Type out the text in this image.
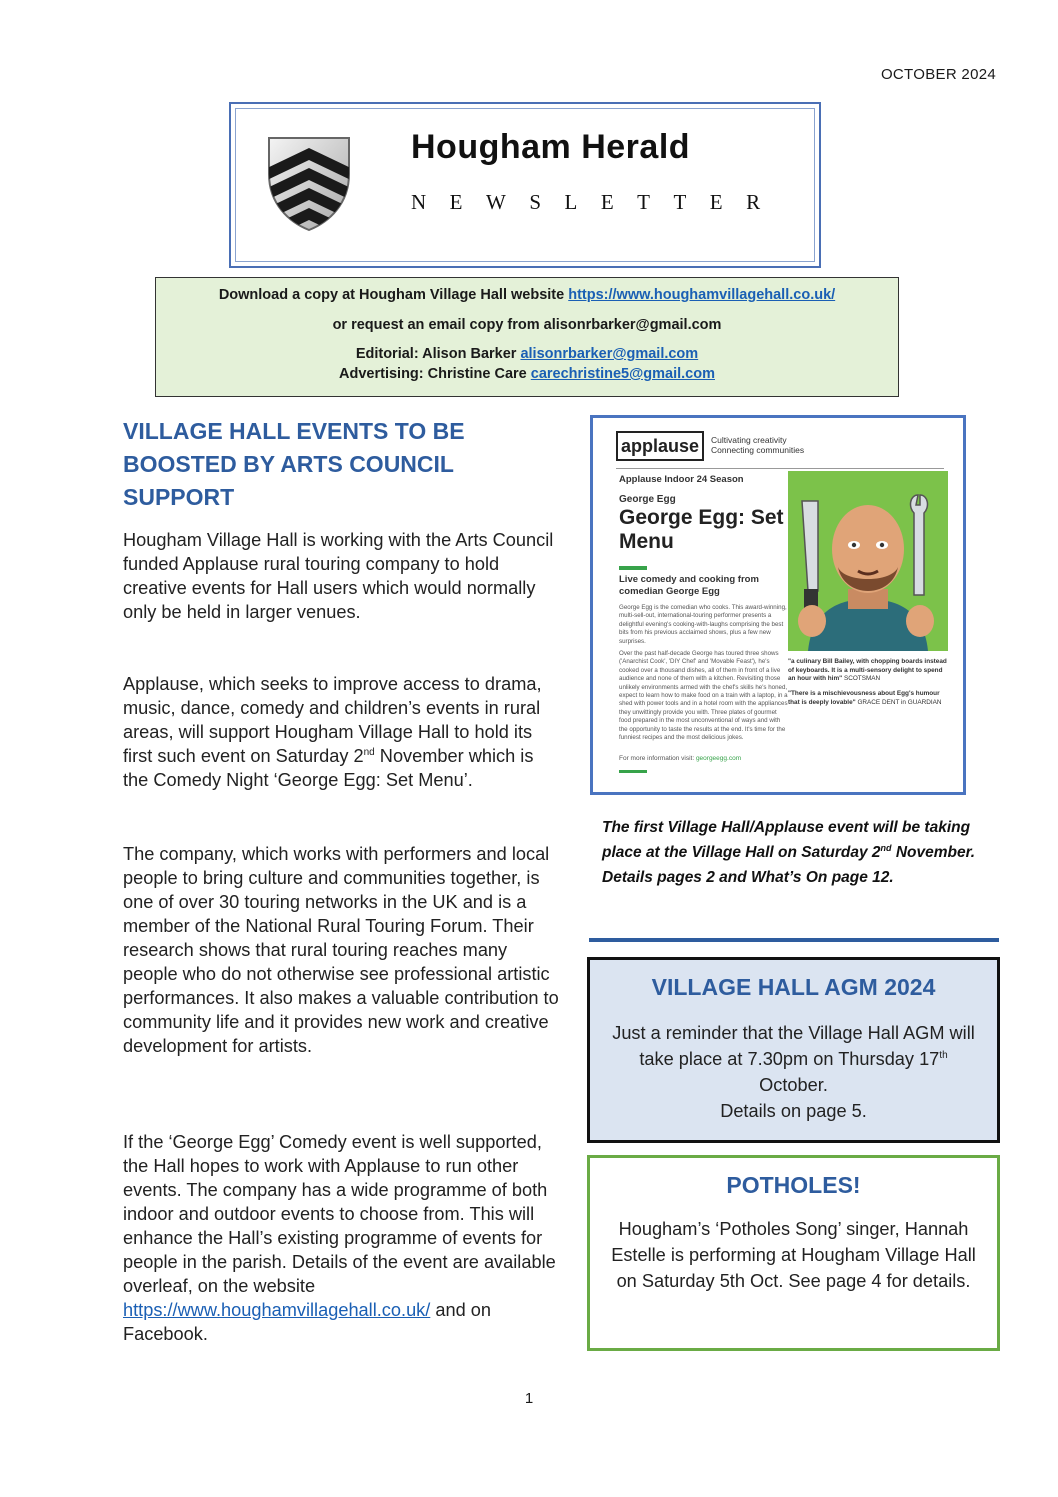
OCTOBER 2024
Hougham Herald
NEWSLETTER

Download a copy at Hougham Village Hall website https://www.houghamvillagehall.co.uk/

or request an email copy from alisonrbarker@gmail.com

Editorial: Alison Barker alisonrbarker@gmail.com

Advertising: Christine Care carechristine5@gmail.com

VILLAGE HALL EVENTS TO BE BOOSTED BY ARTS COUNCIL SUPPORT

Hougham Village Hall is working with the Arts Council funded Applause rural touring company to hold creative events for Hall users which would normally only be held in larger venues.

Applause, which seeks to improve access to drama, music, dance, comedy and children’s events in rural areas, will support Hougham Village Hall to hold its first such event on Saturday 2nd November which is the Comedy Night ‘George Egg: Set Menu’.

The company, which works with performers and local people to bring culture and communities together, is one of over 30 touring networks in the UK and is a member of the National Rural Touring Forum. Their research shows that rural touring reaches many people who do not otherwise see professional artistic performances. It also makes a valuable contribution to community life and it provides new work and creative development for artists.

If the ‘George Egg’ Comedy event is well supported, the Hall hopes to work with Applause to run other events. The company has a wide programme of both indoor and outdoor events to choose from. This will enhance the Hall’s existing programme of events for people in the parish. Details of the event are available overleaf, on the website https://www.houghamvillagehall.co.uk/ and on Facebook.

applause	Cultivating creativity
Connecting communities
Applause Indoor 24 Season
George Egg
George Egg: Set Menu
Live comedy and cooking from comedian George Egg
George Egg is the comedian who cooks. This award-winning, multi-sell-out, international-touring performer presents a delightful evening's cooking-with-laughs comprising the best bits from his previous acclaimed shows, plus a few new surprises.
Over the past half-decade George has toured three shows ('Anarchist Cook', 'DIY Chef' and 'Movable Feast'), he's cooked over a thousand dishes, all of them in front of a live audience and none of them with a kitchen. Revisiting those unlikely environments armed with the chef's skills he's honed, expect to learn how to make food on a train with a laptop, in a shed with power tools and in a hotel room with the appliances they unwittingly provide you with. Three plates of gourmet food prepared in the most unconventional of ways and with the opportunity to taste the results at the end. It's time for the funniest recipes and the most delicious jokes.
"a culinary Bill Bailey, with chopping boards instead of keyboards. It is a multi-sensory delight to spend an hour with him" SCOTSMAN
"There is a mischievousness about Egg's humour that is deeply lovable" GRACE DENT in GUARDIAN
For more information visit: georgeegg.com
The first Village Hall/Applause event will be taking place at the Village Hall on Saturday 2nd November. Details pages 2 and What’s On page 12.
VILLAGE HALL AGM 2024
Just a reminder that the Village Hall AGM will take place at 7.30pm on Thursday 17th October.
Details on page 5.
POTHOLES!
Hougham’s ‘Potholes Song’ singer, Hannah Estelle is performing at Hougham Village Hall on Saturday 5th Oct. See page 4 for details.
1
